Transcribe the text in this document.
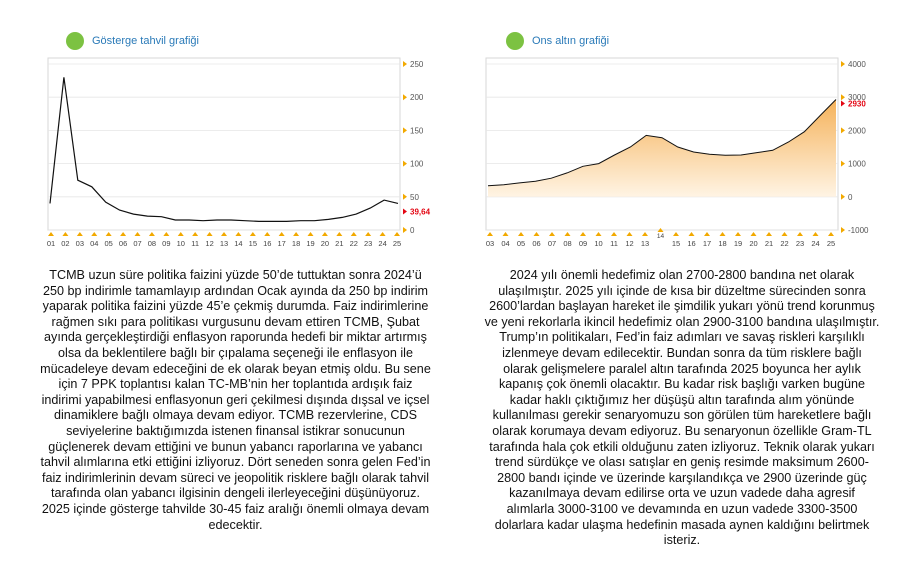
Gösterge tahvil grafiği
250
200
150
100
50
0
01 02 03 04 05 06 07 08 09 10 11 12 13 14 15 16 17 18 19 20 21 22 23 24 25
39,64

TCMB uzun süre politika faizini yüzde 50’de tuttuktan sonra 2024’ü 250 bp indirimle tamamlayıp ardından Ocak ayında da 250 bp indirim yaparak politika faizini yüzde 45’e çekmiş durumda. Faiz indirimlerine rağmen sıkı para politikası vurgusunu devam ettiren TCMB, Şubat ayında gerçekleştirdiği enflasyon raporunda hedefi bir miktar artırmış olsa da beklentilere bağlı bir çıpalama seçeneği ile enflasyon ile mücadeleye devam edeceğini de ek olarak beyan etmiş oldu. Bu sene için 7 PPK toplantısı kalan TC-MB’nin her toplantıda ardışık faiz indirimi yapabilmesi enflasyonun geri çekilmesi dışında dışsal ve içsel dinamiklere bağlı olmaya devam ediyor. TCMB rezervlerine, CDS seviyelerine baktığımızda istenen finansal istikrar sonucunun güçlenerek devam ettiğini ve bunun yabancı raporlarına ve yabancı tahvil alımlarına etki ettiğini izliyoruz. Dört seneden sonra gelen Fed’in faiz indirimlerinin devam süreci ve jeopolitik risklere bağlı olarak tahvil tarafında olan yabancı ilgisinin dengeli ilerleyeceğini düşünüyoruz. 2025 içinde gösterge tahvilde 30-45 faiz aralığı önemli olmaya devam edecektir.

Ons altın grafiği
4000
3000
2000
1000
0
-1000
03 04 05 06 07 08 09 10 11 12 13	15 16 17 18 19 20 21 22 23 24 25
14
2930

2024 yılı önemli hedefimiz olan 2700-2800 bandına net olarak ulaşılmıştır. 2025 yılı içinde de kısa bir düzeltme sürecinden sonra 2600’lardan başlayan hareket ile şimdilik yukarı yönü trend korunmuş ve yeni rekorlarla ikincil hedefimiz olan 2900-3100 bandına ulaşılmıştır. Trump’ın politikaları, Fed’in faiz adımları ve savaş riskleri karşılıklı izlenmeye devam edilecektir. Bundan sonra da tüm risklere bağlı olarak gelişmelere paralel altın tarafında 2025 boyunca her aylık kapanış çok önemli olacaktır. Bu kadar risk başlığı varken bugüne kadar haklı çıktığımız her düşüşü altın tarafında alım yönünde kullanılması gerekir senaryomuzu son görülen tüm hareketlere bağlı olarak korumaya devam ediyoruz. Bu senaryonun özellikle Gram-TL tarafında hala çok etkili olduğunu zaten izliyoruz. Teknik olarak yukarı trend sürdükçe ve olası satışlar en geniş resimde maksimum 2600-2800 bandı içinde ve üzerinde karşılandıkça ve 2900 üzerinde güç kazanılmaya devam edilirse orta ve uzun vadede daha agresif alımlarla 3000-3100 ve devamında en uzun vadede 3300-3500 dolarlara kadar ulaşma hedefinin masada aynen kaldığını belirtmek isteriz.
